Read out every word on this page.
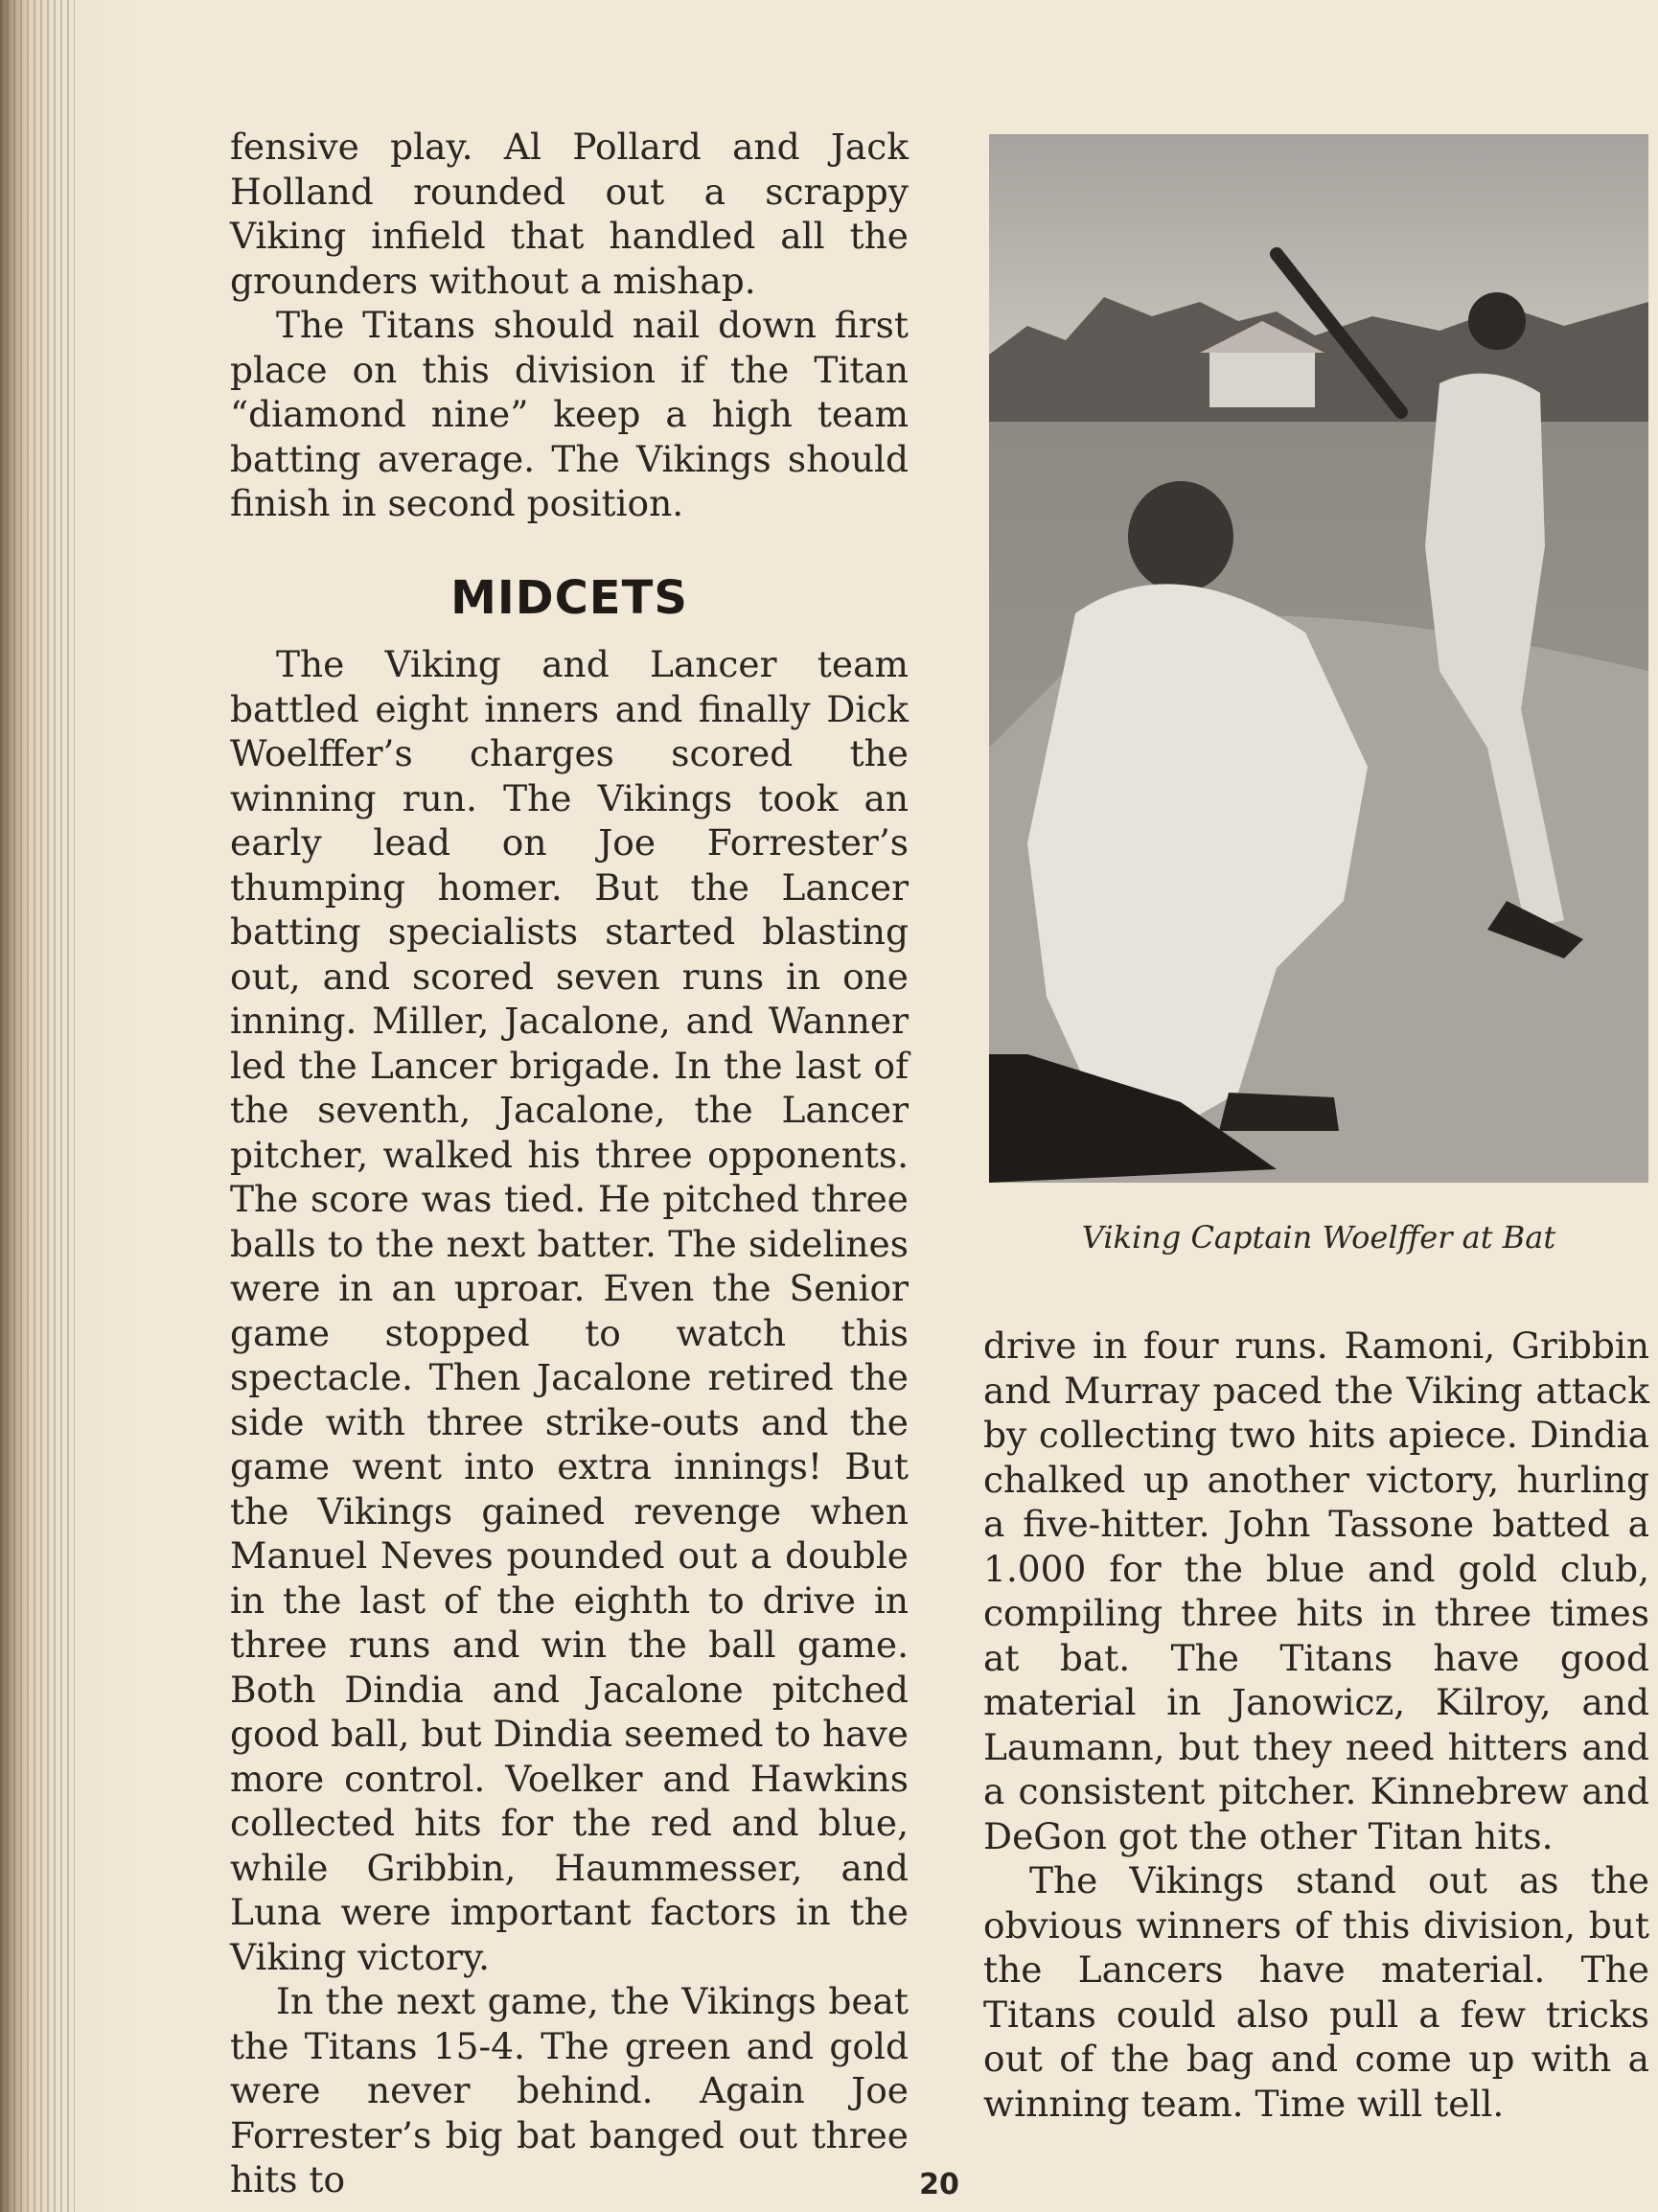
fensive play. Al Pollard and Jack Holland rounded out a scrappy Viking infield that handled all the grounders without a mishap.

The Titans should nail down first place on this division if the Titan “diamond nine” keep a high team batting average. The Vikings should finish in second position.

MIDCETS

The Viking and Lancer team battled eight inners and finally Dick Woelffer’s charges scored the winning run. The Vikings took an early lead on Joe Forrester’s thumping homer. But the Lancer batting specialists started blasting out, and scored seven runs in one inning. Miller, Jacalone, and Wanner led the Lancer brigade. In the last of the seventh, Jacalone, the Lancer pitcher, walked his three opponents. The score was tied. He pitched three balls to the next batter. The sidelines were in an uproar. Even the Senior game stopped to watch this spectacle. Then Jacalone retired the side with three strike-outs and the game went into extra innings! But the Vikings gained revenge when Manuel Neves pounded out a double in the last of the eighth to drive in three runs and win the ball game. Both Dindia and Jacalone pitched good ball, but Dindia seemed to have more control. Voelker and Hawkins collected hits for the red and blue, while Gribbin, Haummesser, and Luna were important factors in the Viking victory.

In the next game, the Vikings beat the Titans 15-4. The green and gold were never behind. Again Joe Forrester’s big bat banged out three hits to

Viking Captain Woelffer at Bat

drive in four runs. Ramoni, Gribbin and Murray paced the Viking attack by collecting two hits apiece. Dindia chalked up another victory, hurling a five-hitter. John Tassone batted a 1.000 for the blue and gold club, compiling three hits in three times at bat. The Titans have good material in Janowicz, Kilroy, and Laumann, but they need hitters and a consistent pitcher. Kinnebrew and DeGon got the other Titan hits.

The Vikings stand out as the obvious winners of this division, but the Lancers have material. The Titans could also pull a few tricks out of the bag and come up with a winning team. Time will tell.

20
